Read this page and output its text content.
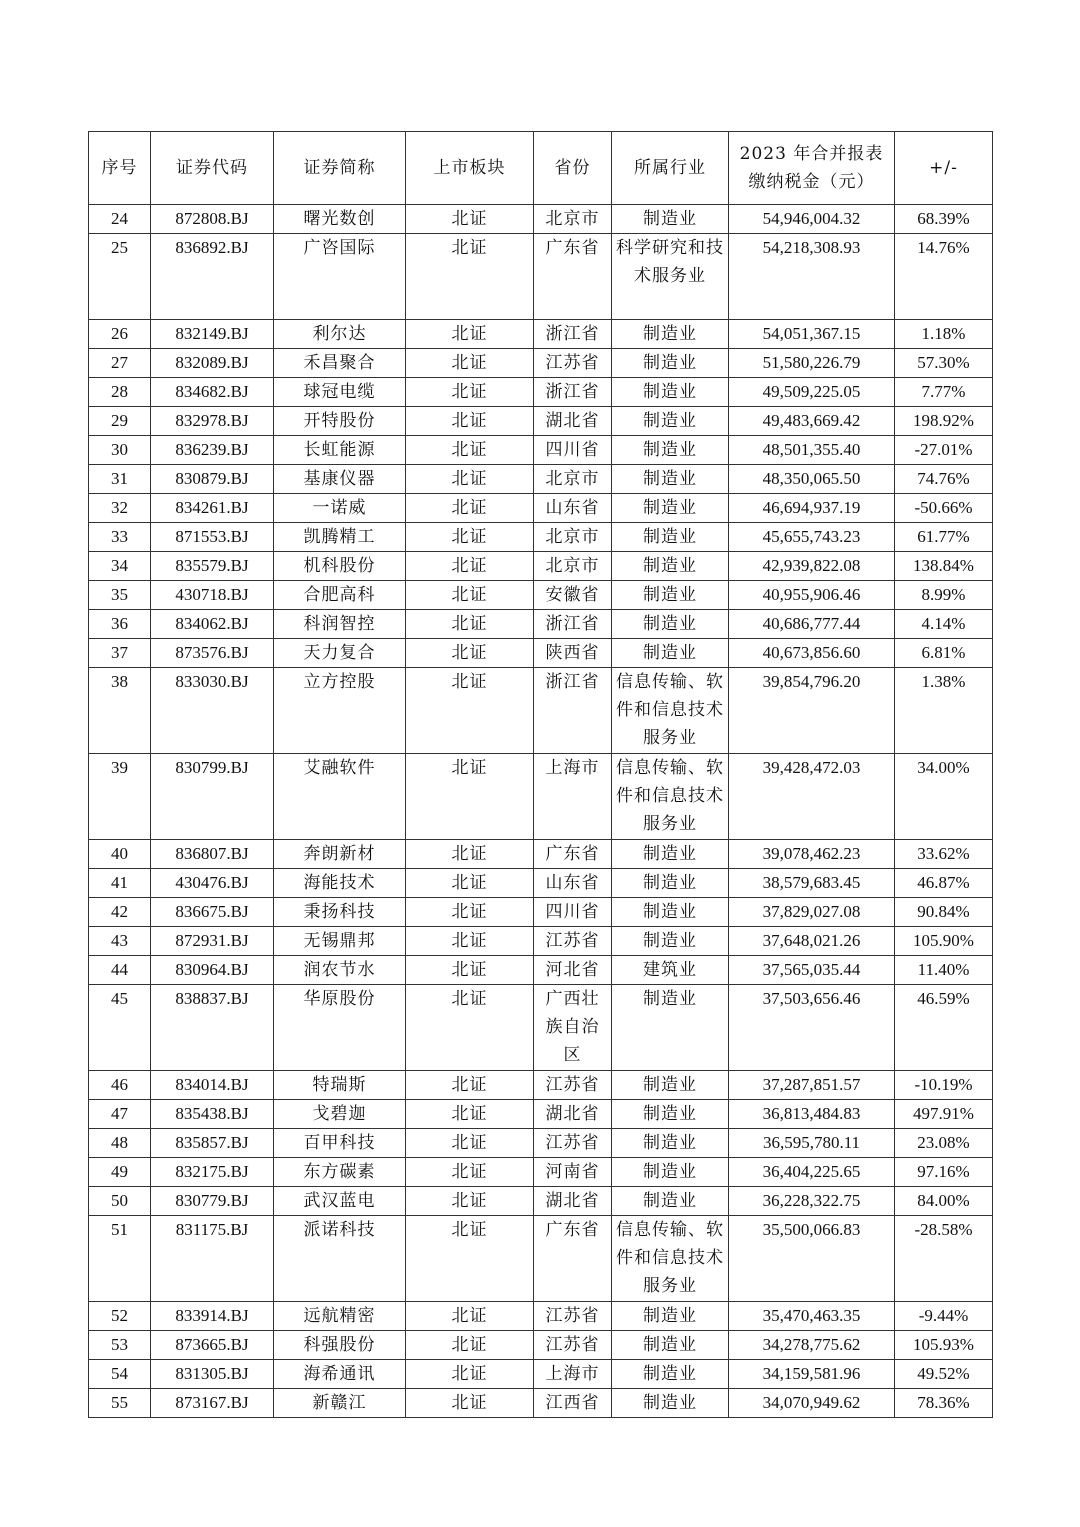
序号	证券代码	证券简称	上市板块	省份	所属行业	2023 年合并报表缴纳税金（元）	+/-
24	872808.BJ	曙光数创	北证	北京市	制造业	54,946,004.32	68.39%
25	836892.BJ	广咨国际	北证	广东省	科学研究和技术服务业	54,218,308.93	14.76%
26	832149.BJ	利尔达	北证	浙江省	制造业	54,051,367.15	1.18%
27	832089.BJ	禾昌聚合	北证	江苏省	制造业	51,580,226.79	57.30%
28	834682.BJ	球冠电缆	北证	浙江省	制造业	49,509,225.05	7.77%
29	832978.BJ	开特股份	北证	湖北省	制造业	49,483,669.42	198.92%
30	836239.BJ	长虹能源	北证	四川省	制造业	48,501,355.40	-27.01%
31	830879.BJ	基康仪器	北证	北京市	制造业	48,350,065.50	74.76%
32	834261.BJ	一诺威	北证	山东省	制造业	46,694,937.19	-50.66%
33	871553.BJ	凯腾精工	北证	北京市	制造业	45,655,743.23	61.77%
34	835579.BJ	机科股份	北证	北京市	制造业	42,939,822.08	138.84%
35	430718.BJ	合肥高科	北证	安徽省	制造业	40,955,906.46	8.99%
36	834062.BJ	科润智控	北证	浙江省	制造业	40,686,777.44	4.14%
37	873576.BJ	天力复合	北证	陕西省	制造业	40,673,856.60	6.81%
38	833030.BJ	立方控股	北证	浙江省	信息传输、软件和信息技术服务业	39,854,796.20	1.38%
39	830799.BJ	艾融软件	北证	上海市	信息传输、软件和信息技术服务业	39,428,472.03	34.00%
40	836807.BJ	奔朗新材	北证	广东省	制造业	39,078,462.23	33.62%
41	430476.BJ	海能技术	北证	山东省	制造业	38,579,683.45	46.87%
42	836675.BJ	秉扬科技	北证	四川省	制造业	37,829,027.08	90.84%
43	872931.BJ	无锡鼎邦	北证	江苏省	制造业	37,648,021.26	105.90%
44	830964.BJ	润农节水	北证	河北省	建筑业	37,565,035.44	11.40%
45	838837.BJ	华原股份	北证	广西壮族自治区	制造业	37,503,656.46	46.59%
46	834014.BJ	特瑞斯	北证	江苏省	制造业	37,287,851.57	-10.19%
47	835438.BJ	戈碧迦	北证	湖北省	制造业	36,813,484.83	497.91%
48	835857.BJ	百甲科技	北证	江苏省	制造业	36,595,780.11	23.08%
49	832175.BJ	东方碳素	北证	河南省	制造业	36,404,225.65	97.16%
50	830779.BJ	武汉蓝电	北证	湖北省	制造业	36,228,322.75	84.00%
51	831175.BJ	派诺科技	北证	广东省	信息传输、软件和信息技术服务业	35,500,066.83	-28.58%
52	833914.BJ	远航精密	北证	江苏省	制造业	35,470,463.35	-9.44%
53	873665.BJ	科强股份	北证	江苏省	制造业	34,278,775.62	105.93%
54	831305.BJ	海希通讯	北证	上海市	制造业	34,159,581.96	49.52%
55	873167.BJ	新赣江	北证	江西省	制造业	34,070,949.62	78.36%
